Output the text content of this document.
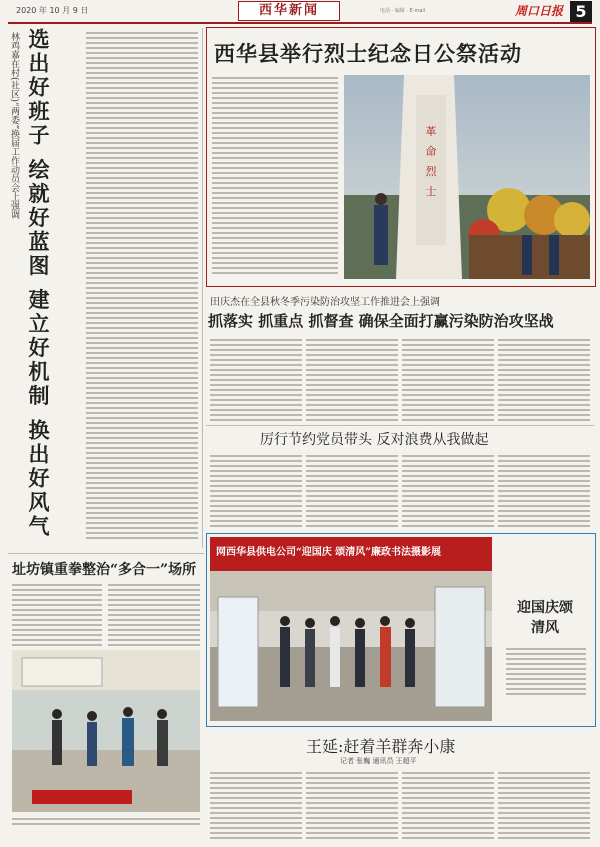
2020 年 10 月 9 日	西华新闻	电话 · 编辑 · E-mail	周口日报 5
林鸡嘉在村(社区)“两委”换届工作动员会上强调 选出好班子 绘就好蓝图 建立好机制 换出好风气	西华县举行烈士纪念日公祭活动
革
命
烈
士
田庆杰在全县秋冬季污染防治攻坚工作推进会上强调
抓落实 抓重点 抓督查 确保全面打赢污染防治攻坚战
厉行节约党员带头 反对浪费从我做起
址坊镇重拳整治“多合一”场所
网西华县供电公司“迎国庆 颂清风”廉政书法摄影展
迎国庆颂清风
王延:赶着羊群奔小康
记者 张巍 通讯员 王超平
